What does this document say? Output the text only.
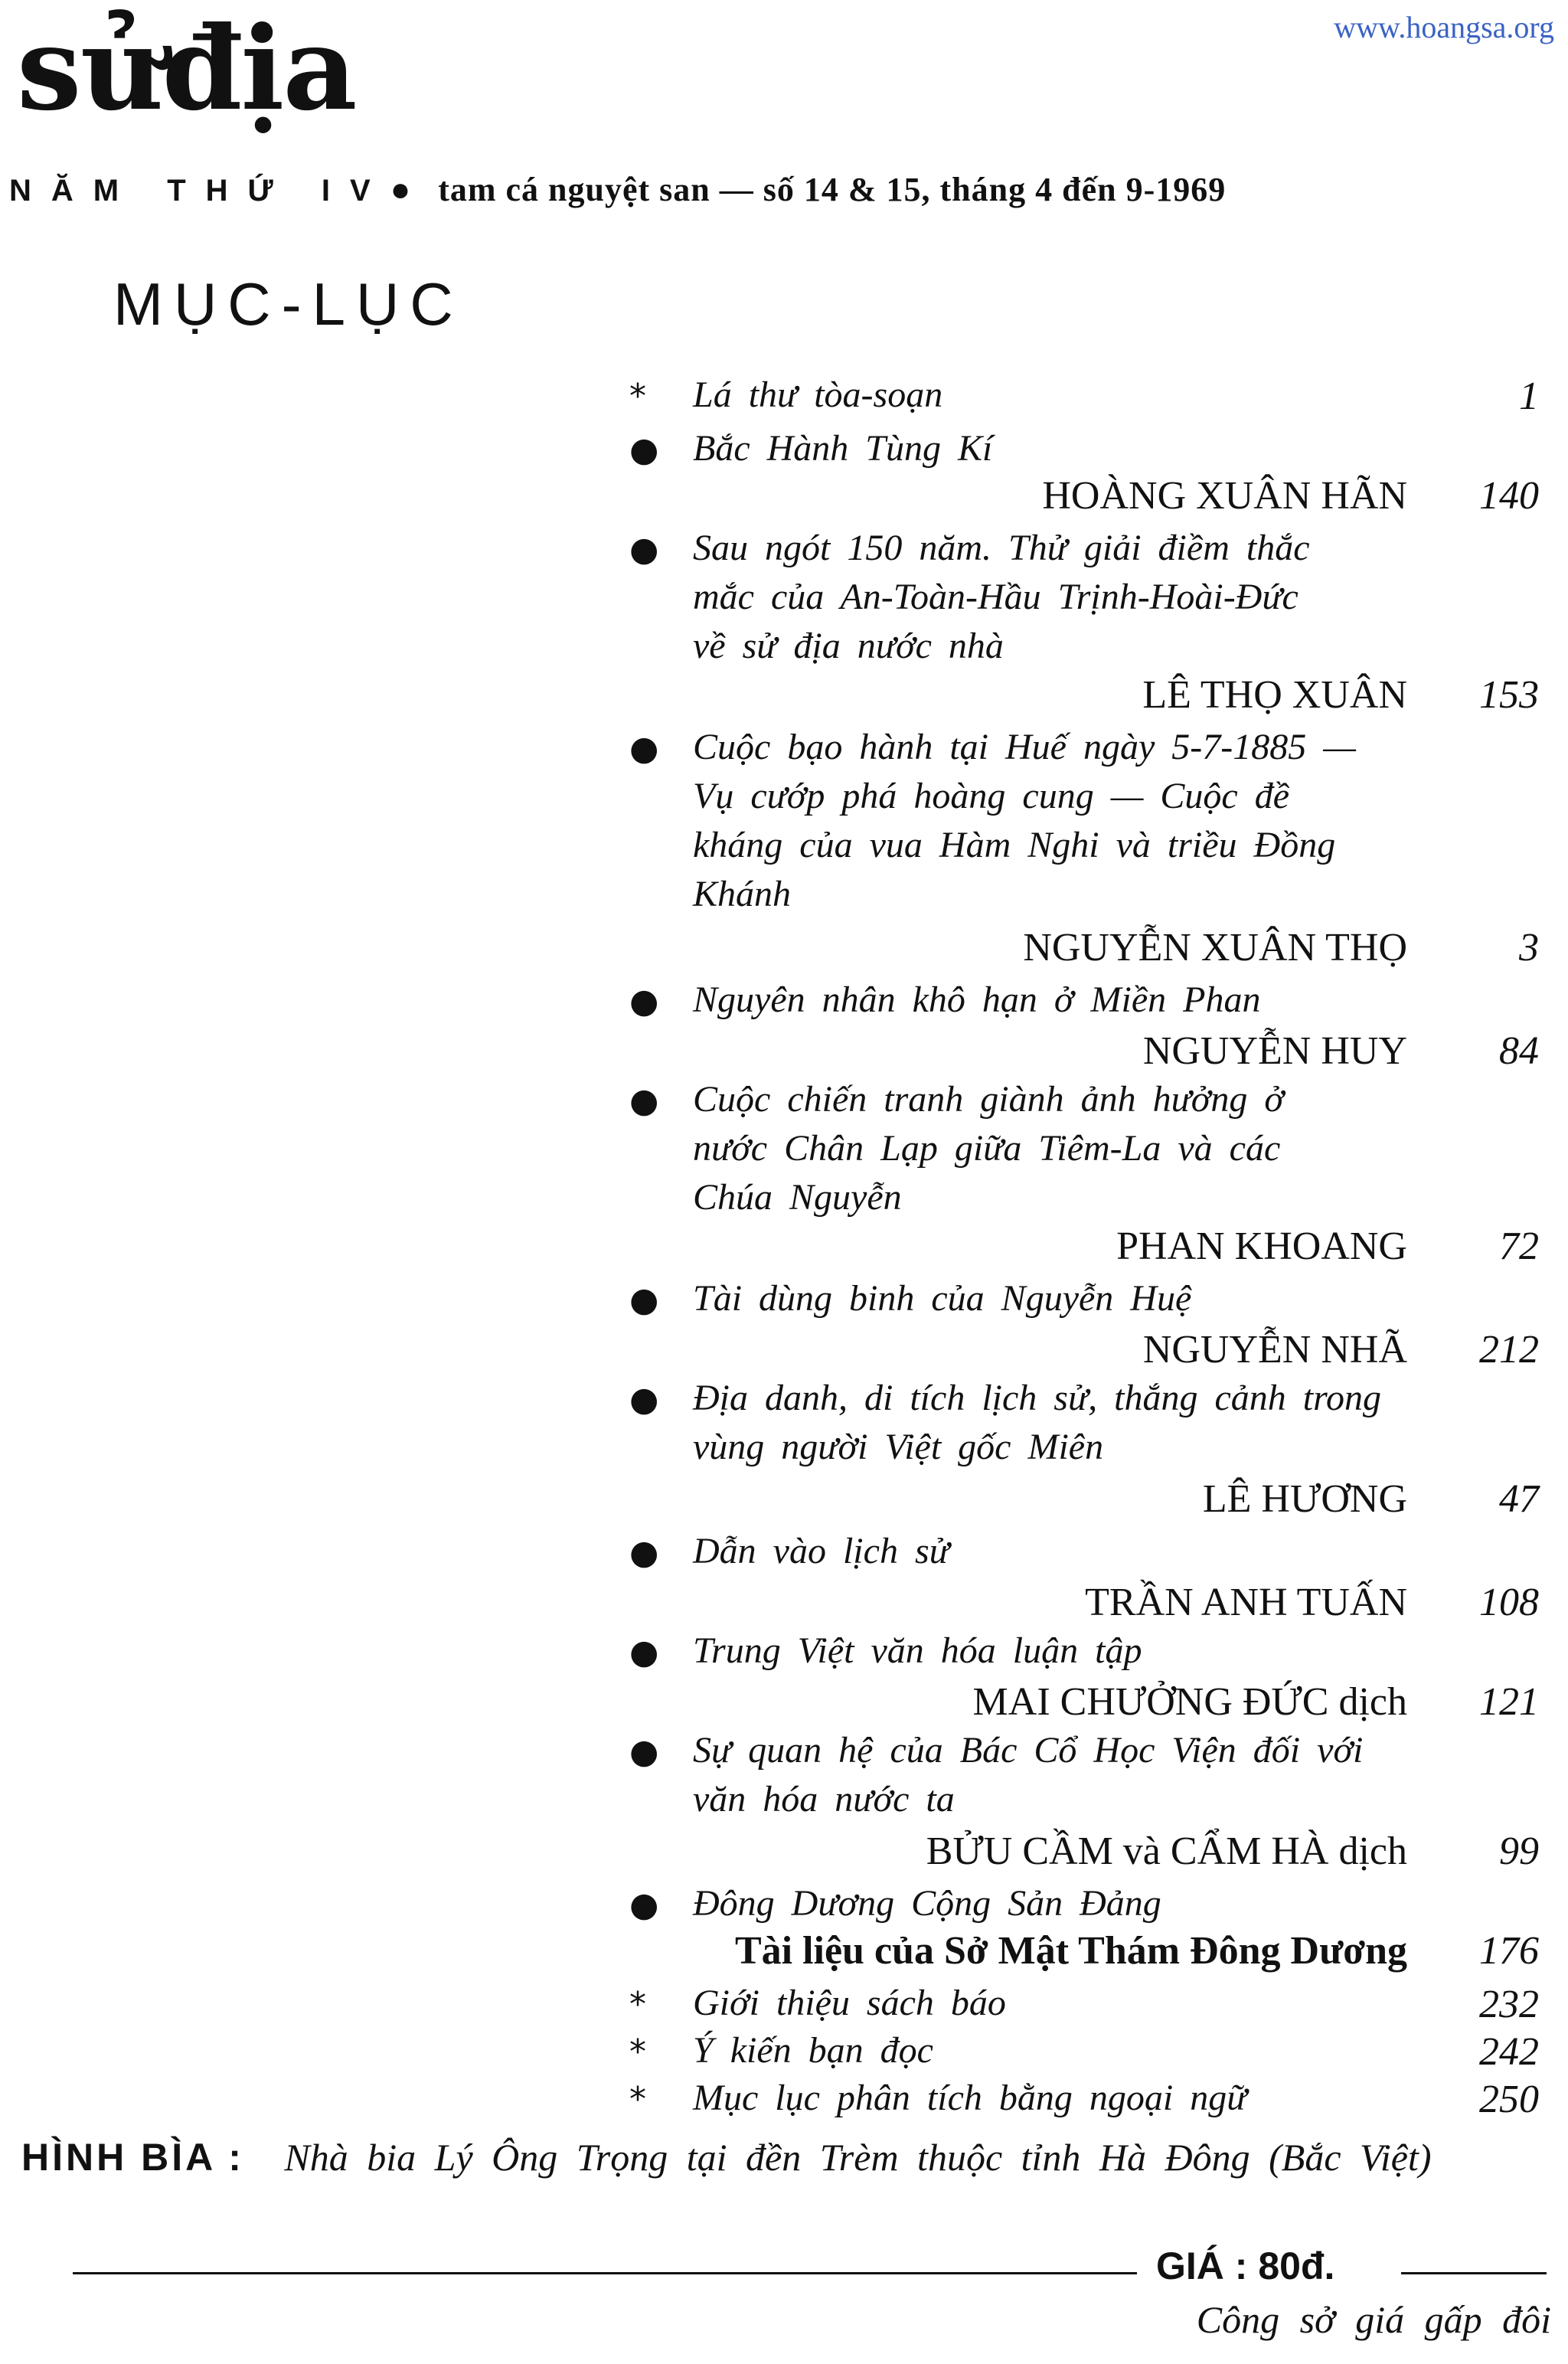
www.hoangsa.org
sửđịa
NĂM THỨ IV ● tam cá nguyệt san — số 14 & 15, tháng 4 đến 9-1969
MỤC-LỤC
* Lá thư tòa-soạn	1
● Bắc Hành Tùng Kí
HOÀNG XUÂN HÃN 140
● Sau ngót 150 năm. Thử giải điềm thắc
mắc của An-Toàn-Hầu Trịnh-Hoài-Đức
về sử địa nước nhà
LÊ THỌ XUÂN 153
● Cuộc bạo hành tại Huế ngày 5-7-1885 —
Vụ cướp phá hoàng cung — Cuộc đề
kháng của vua Hàm Nghi và triều Đồng
Khánh
NGUYỄN XUÂN THỌ	3
● Nguyên nhân khô hạn ở Miền Phan
NGUYỄN HUY 84
● Cuộc chiến tranh giành ảnh hưởng ở
nước Chân Lạp giữa Tiêm-La và các
Chúa Nguyễn
PHAN KHOANG 72
● Tài dùng binh của Nguyễn Huệ
NGUYỄN NHÃ 212
● Địa danh, di tích lịch sử, thắng cảnh trong
vùng người Việt gốc Miên
LÊ HƯƠNG 47
● Dẫn vào lịch sử
TRẦN ANH TUẤN 108
● Trung Việt văn hóa luận tập
MAI CHƯỞNG ĐỨC dịch 121
● Sự quan hệ của Bác Cổ Học Viện đối với
văn hóa nước ta
BỬU CẦM và CẨM HÀ dịch 99
● Đông Dương Cộng Sản Đảng
Tài liệu của Sở Mật Thám Đông Dương 176
* Giới thiệu sách báo	232
* Ý kiến bạn đọc	242
* Mục lục phân tích bằng ngoại ngữ	250
HÌNH BÌA : Nhà bia Lý Ông Trọng tại đền Trèm thuộc tỉnh Hà Đông (Bắc Việt)
GIÁ : 80đ.
Công sở giá gấp đôi
